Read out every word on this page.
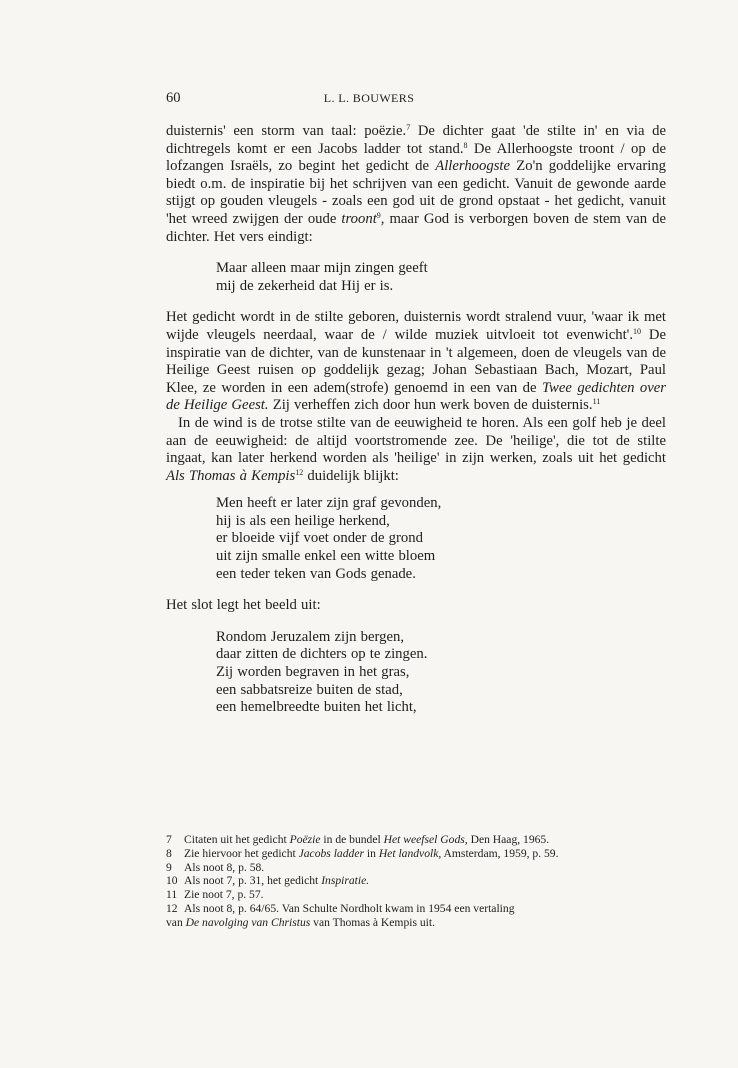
60	L. L. BOUWERS

duisternis' een storm van taal: poëzie.$^7$ De dichter gaat 'de stilte in' en via de dichtregels komt er een Jacobs ladder tot stand.$^8$ De Allerhoogste troont / op de lofzangen Israëls, zo begint het gedicht de Allerhoogste Zo'n goddelijke ervaring biedt o.m. de inspiratie bij het schrijven van een gedicht. Vanuit de gewonde aarde stijgt op gouden vleugels - zoals een god uit de grond opstaat - het gedicht, vanuit 'het wreed zwijgen der oude troont$^9$, maar God is verborgen boven de stem van de dichter. Het vers eindigt:

Maar alleen maar mijn zingen geeft
mij de zekerheid dat Hij er is.

Het gedicht wordt in de stilte geboren, duisternis wordt stralend vuur, 'waar ik met wijde vleugels neerdaal, waar de / wilde muziek uitvloeit tot evenwicht'.$^{10}$ De inspiratie van de dichter, van de kunstenaar in 't algemeen, doen de vleugels van de Heilige Geest ruisen op goddelijk gezag; Johan Sebastiaan Bach, Mozart, Paul Klee, ze worden in een adem(strofe) genoemd in een van de Twee gedichten over de Heilige Geest. Zij verheffen zich door hun werk boven de duisternis.$^{11}$

In de wind is de trotse stilte van de eeuwigheid te horen. Als een golf heb je deel aan de eeuwigheid: de altijd voortstromende zee. De 'heilige', die tot de stilte ingaat, kan later herkend worden als 'heilige' in zijn werken, zoals uit het gedicht Als Thomas à Kempis$^{12}$ duidelijk blijkt:

Men heeft er later zijn graf gevonden,
hij is als een heilige herkend,
er bloeide vijf voet onder de grond
uit zijn smalle enkel een witte bloem
een teder teken van Gods genade.

Het slot legt het beeld uit:

Rondom Jeruzalem zijn bergen,
daar zitten de dichters op te zingen.
Zij worden begraven in het gras,
een sabbatsreize buiten de stad,
een hemelbreedte buiten het licht,
7	Citaten uit het gedicht Poëzie in de bundel Het weefsel Gods, Den Haag, 1965.
8	Zie hiervoor het gedicht Jacobs ladder in Het landvolk, Amsterdam, 1959, p. 59.
9	Als noot 8, p. 58.
10 Als noot 7, p. 31, het gedicht Inspiratie.
11 Zie noot 7, p. 57.
12 Als noot 8, p. 64/65. Van Schulte Nordholt kwam in 1954 een vertaling
van De navolging van Christus van Thomas à Kempis uit.
